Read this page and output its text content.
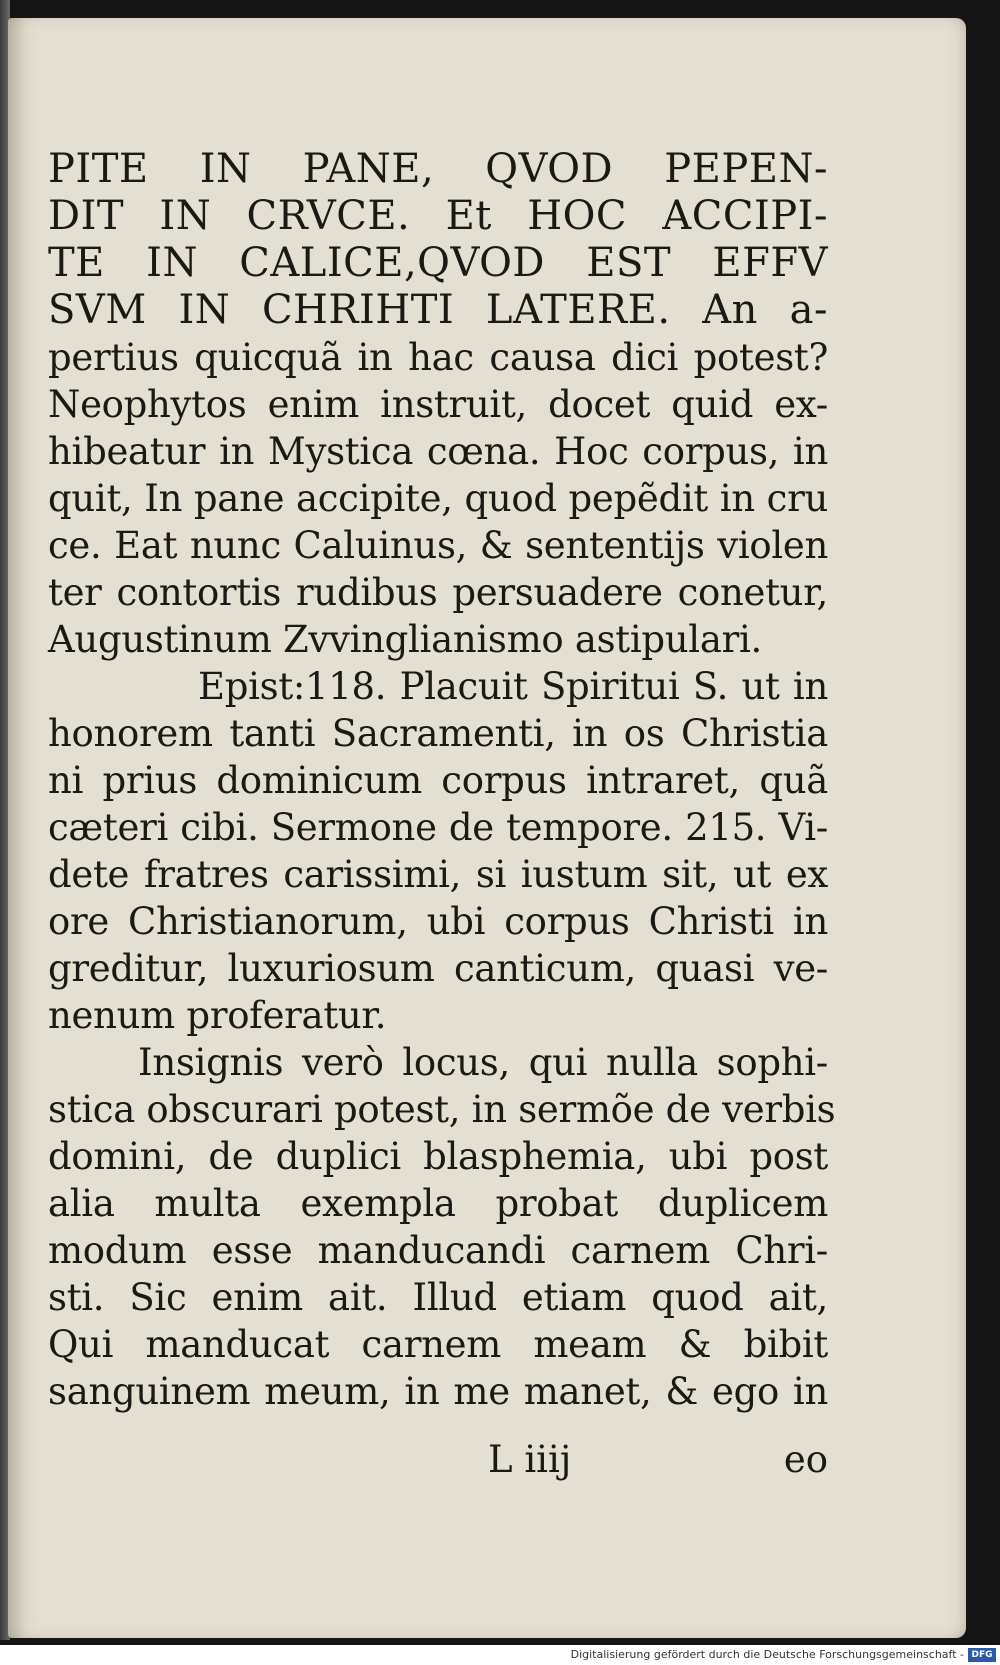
PITE IN PANE, QVOD PEPEN-
DIT IN CRVCE. Et HOC ACCIPI-
TE IN CALICE,QVOD EST EFFV
SVM IN CHRIHTI LATERE. An a-
pertius quicquã in hac causa dici potest?
Neophytos enim instruit, docet quid ex-
hibeatur in Mystica cœna. Hoc corpus, in
quit, In pane accipite, quod pepẽdit in cru
ce. Eat nunc Caluinus, & sententijs violen
ter contortis rudibus persuadere conetur,
Augustinum Zvvinglianismo astipulari.
Epist:118. Placuit Spiritui S. ut in
honorem tanti Sacramenti, in os Christia
ni prius dominicum corpus intraret, quã
cæteri cibi. Sermone de tempore. 215. Vi-
dete fratres carissimi, si iustum sit, ut ex
ore Christianorum, ubi corpus Christi in
greditur, luxuriosum canticum, quasi ve-
nenum proferatur.
Insignis verò locus, qui nulla sophi-
stica obscurari potest, in sermõe de verbis
domini, de duplici blasphemia, ubi post
alia multa exempla probat duplicem
modum esse manducandi carnem Chri-
sti. Sic enim ait. Illud etiam quod ait,
Qui manducat carnem meam & bibit
sanguinem meum, in me manet, & ego in
L iiij	eo
Digitalisierung gefördert durch die Deutsche Forschungsgemeinschaft - DFG
